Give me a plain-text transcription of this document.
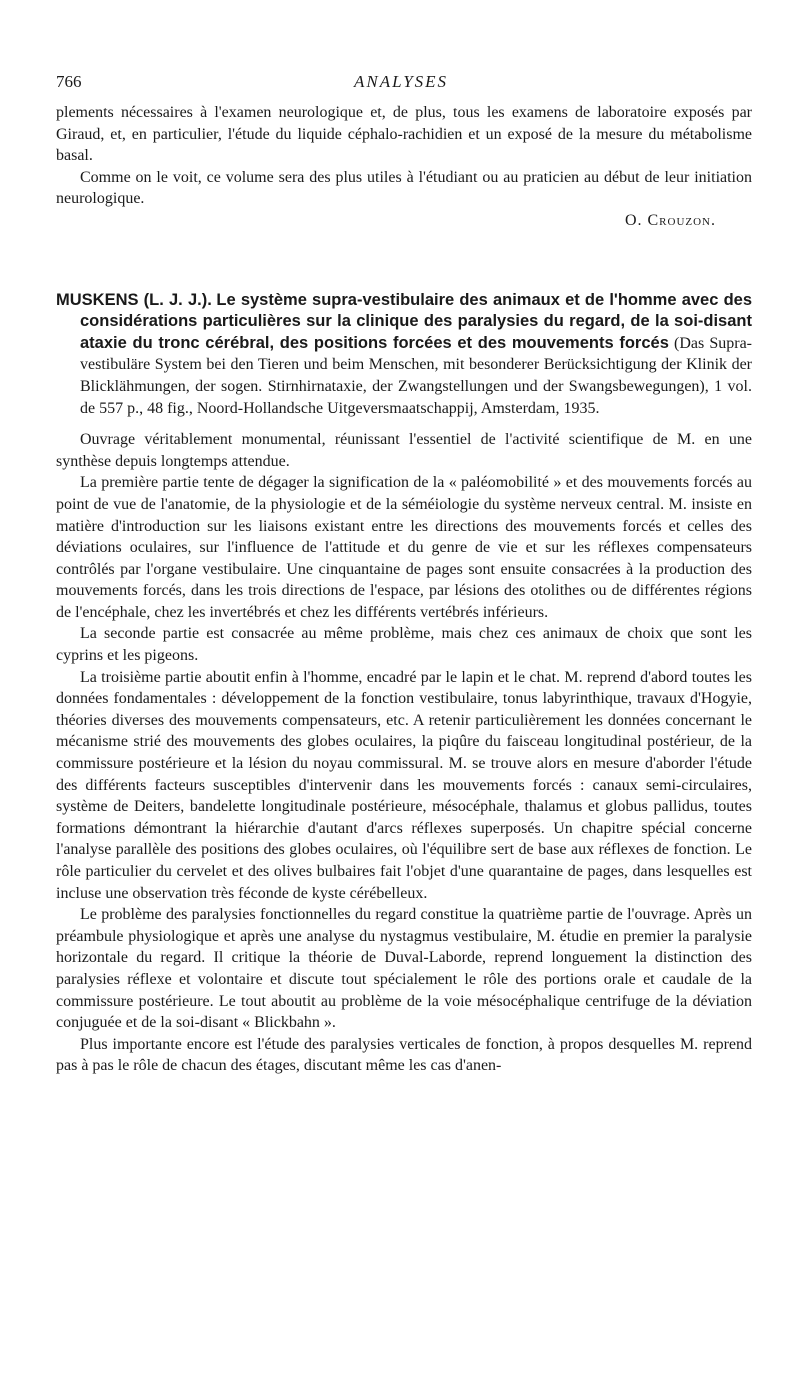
766	ANALYSES

plements nécessaires à l'examen neurologique et, de plus, tous les examens de laboratoire exposés par Giraud, et, en particulier, l'étude du liquide céphalo-rachidien et un exposé de la mesure du métabolisme basal.

Comme on le voit, ce volume sera des plus utiles à l'étudiant ou au praticien au début de leur initiation neurologique.

O. Crouzon.

MUSKENS (L. J. J.). Le système supra-vestibulaire des animaux et de l'homme avec des considérations particulières sur la clinique des paralysies du regard, de la soi-disant ataxie du tronc cérébral, des positions forcées et des mouvements forcés (Das Supra-vestibuläre System bei den Tieren und beim Menschen, mit besonderer Berücksichtigung der Klinik der Blicklähmungen, der sogen. Stirnhirnataxie, der Zwangstellungen und der Swangsbewegungen), 1 vol. de 557 p., 48 fig., Noord-Hollandsche Uitgeversmaatschappij, Amsterdam, 1935.

Ouvrage véritablement monumental, réunissant l'essentiel de l'activité scientifique de M. en une synthèse depuis longtemps attendue.

La première partie tente de dégager la signification de la « paléomobilité » et des mouvements forcés au point de vue de l'anatomie, de la physiologie et de la séméiologie du système nerveux central. M. insiste en matière d'introduction sur les liaisons existant entre les directions des mouvements forcés et celles des déviations oculaires, sur l'influence de l'attitude et du genre de vie et sur les réflexes compensateurs contrôlés par l'organe vestibulaire. Une cinquantaine de pages sont ensuite consacrées à la production des mouvements forcés, dans les trois directions de l'espace, par lésions des otolithes ou de différentes régions de l'encéphale, chez les invertébrés et chez les différents vertébrés inférieurs.

La seconde partie est consacrée au même problème, mais chez ces animaux de choix que sont les cyprins et les pigeons.

La troisième partie aboutit enfin à l'homme, encadré par le lapin et le chat. M. reprend d'abord toutes les données fondamentales : développement de la fonction vestibulaire, tonus labyrinthique, travaux d'Hogyie, théories diverses des mouvements compensateurs, etc. A retenir particulièrement les données concernant le mécanisme strié des mouvements des globes oculaires, la piqûre du faisceau longitudinal postérieur, de la commissure postérieure et la lésion du noyau commissural. M. se trouve alors en mesure d'aborder l'étude des différents facteurs susceptibles d'intervenir dans les mouvements forcés : canaux semi-circulaires, système de Deiters, bandelette longitudinale postérieure, mésocéphale, thalamus et globus pallidus, toutes formations démontrant la hiérarchie d'autant d'arcs réflexes superposés. Un chapitre spécial concerne l'analyse parallèle des positions des globes oculaires, où l'équilibre sert de base aux réflexes de fonction. Le rôle particulier du cervelet et des olives bulbaires fait l'objet d'une quarantaine de pages, dans lesquelles est incluse une observation très féconde de kyste cérébelleux.

Le problème des paralysies fonctionnelles du regard constitue la quatrième partie de l'ouvrage. Après un préambule physiologique et après une analyse du nystagmus vestibulaire, M. étudie en premier la paralysie horizontale du regard. Il critique la théorie de Duval-Laborde, reprend longuement la distinction des paralysies réflexe et volontaire et discute tout spécialement le rôle des portions orale et caudale de la commissure postérieure. Le tout aboutit au problème de la voie mésocéphalique centrifuge de la déviation conjuguée et de la soi-disant « Blickbahn ».

Plus importante encore est l'étude des paralysies verticales de fonction, à propos desquelles M. reprend pas à pas le rôle de chacun des étages, discutant même les cas d'anen-
